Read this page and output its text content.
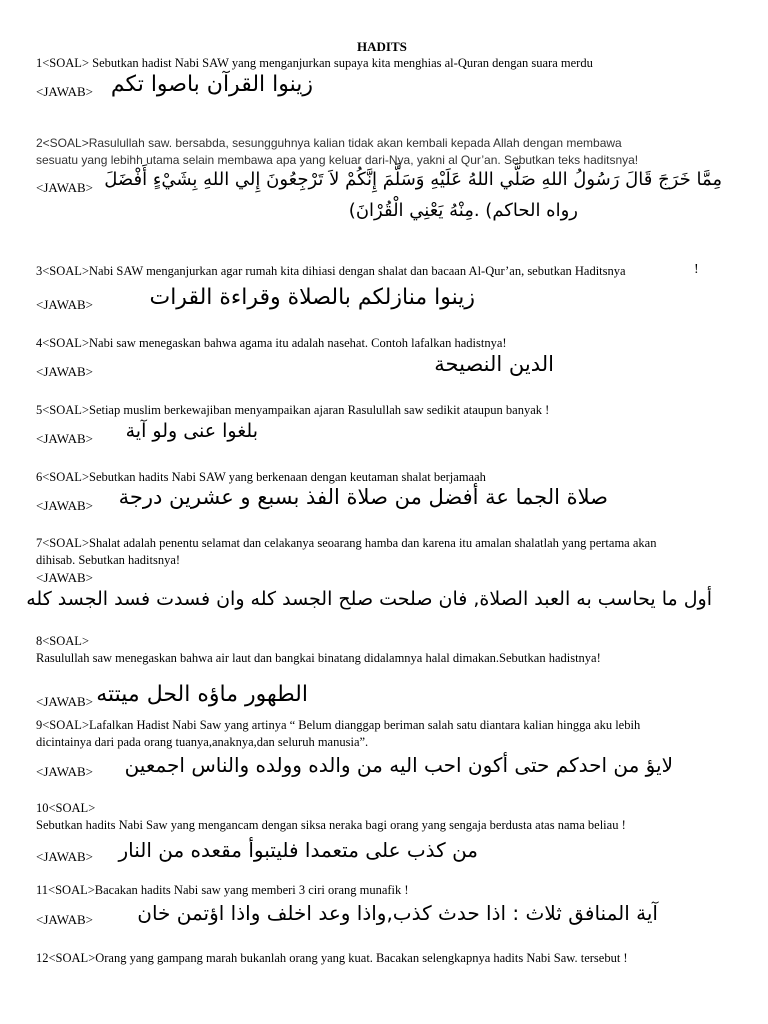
HADITS
1<SOAL> Sebutkan hadist Nabi SAW yang menganjurkan supaya kita menghias al-Quran dengan suara merdu
<JAWAB> زينوا القرآن باصوا تكم
2<SOAL>Rasulullah saw. bersabda, sesungguhnya kalian tidak akan kembali kepada Allah dengan membawa
sesuatu yang lebihh utama selain membawa apa yang keluar dari-Nya, yakni al Qur’an. Sebutkan teks haditsnya!
<JAWAB> مِمَّا خَرَجَ قَالَ رَسُولُ اللهِ صَلَّي اللهُ عَلَيْهِ وَسَلَّمَ إِنَّكُمْ لاَ تَرْجِعُونَ إِلي اللهِ بِشَيْءٍ أَفْضَلَ
رواه الحاكم) .مِنْهُ يَعْنِي الْقُرْانَ)
3<SOAL>Nabi SAW menganjurkan agar rumah kita dihiasi dengan shalat dan bacaan Al-Qur’an, sebutkan Haditsnya	!
<JAWAB>	زينوا منازلكم بالصلاة وقراءة القرات
4<SOAL>Nabi saw menegaskan bahwa agama itu adalah nasehat. Contoh lafalkan hadistnya!
<JAWAB>	الدين النصيحة
5<SOAL>Setiap muslim berkewajiban menyampaikan ajaran Rasulullah saw sedikit ataupun banyak !
<JAWAB> بلغوا عنى ولو آية
6<SOAL>Sebutkan hadits Nabi SAW yang berkenaan dengan keutaman shalat berjamaah
<JAWAB> صلاة الجما عة أفضل من صلاة الفذ بسبع و عشرين درجة
7<SOAL>Shalat adalah penentu selamat dan celakanya seoarang hamba dan karena itu amalan shalatlah yang pertama akan
dihisab. Sebutkan haditsnya!
<JAWAB>
أول ما يحاسب به العبد الصلاة, فان صلحت صلح الجسد كله وان فسدت فسد الجسد كله
8<SOAL>
Rasulullah saw menegaskan bahwa air laut dan bangkai binatang didalamnya halal dimakan.Sebutkan hadistnya!
<JAWAB> الطهور ماؤه الحل ميتته
9<SOAL>Lafalkan Hadist Nabi Saw yang artinya “ Belum dianggap beriman salah satu diantara kalian hingga aku lebih
dicintainya dari pada orang tuanya,anaknya,dan seluruh manusia”.
<JAWAB> لايؤ من احدكم حتى أكون احب اليه من والده وولده والناس اجمعين
10<SOAL>
Sebutkan hadits Nabi Saw yang mengancam dengan siksa neraka bagi orang yang sengaja berdusta atas nama beliau !
<JAWAB> من كذب على متعمدا فليتبوأ مقعده من النار
11<SOAL>Bacakan hadits Nabi saw yang memberi 3 ciri orang munafik !
<JAWAB> آية المنافق ثلاث : اذا حدث كذب,واذا وعد اخلف واذا اؤتمن خان
12<SOAL>Orang yang gampang marah bukanlah orang yang kuat. Bacakan selengkapnya hadits Nabi Saw. tersebut !
